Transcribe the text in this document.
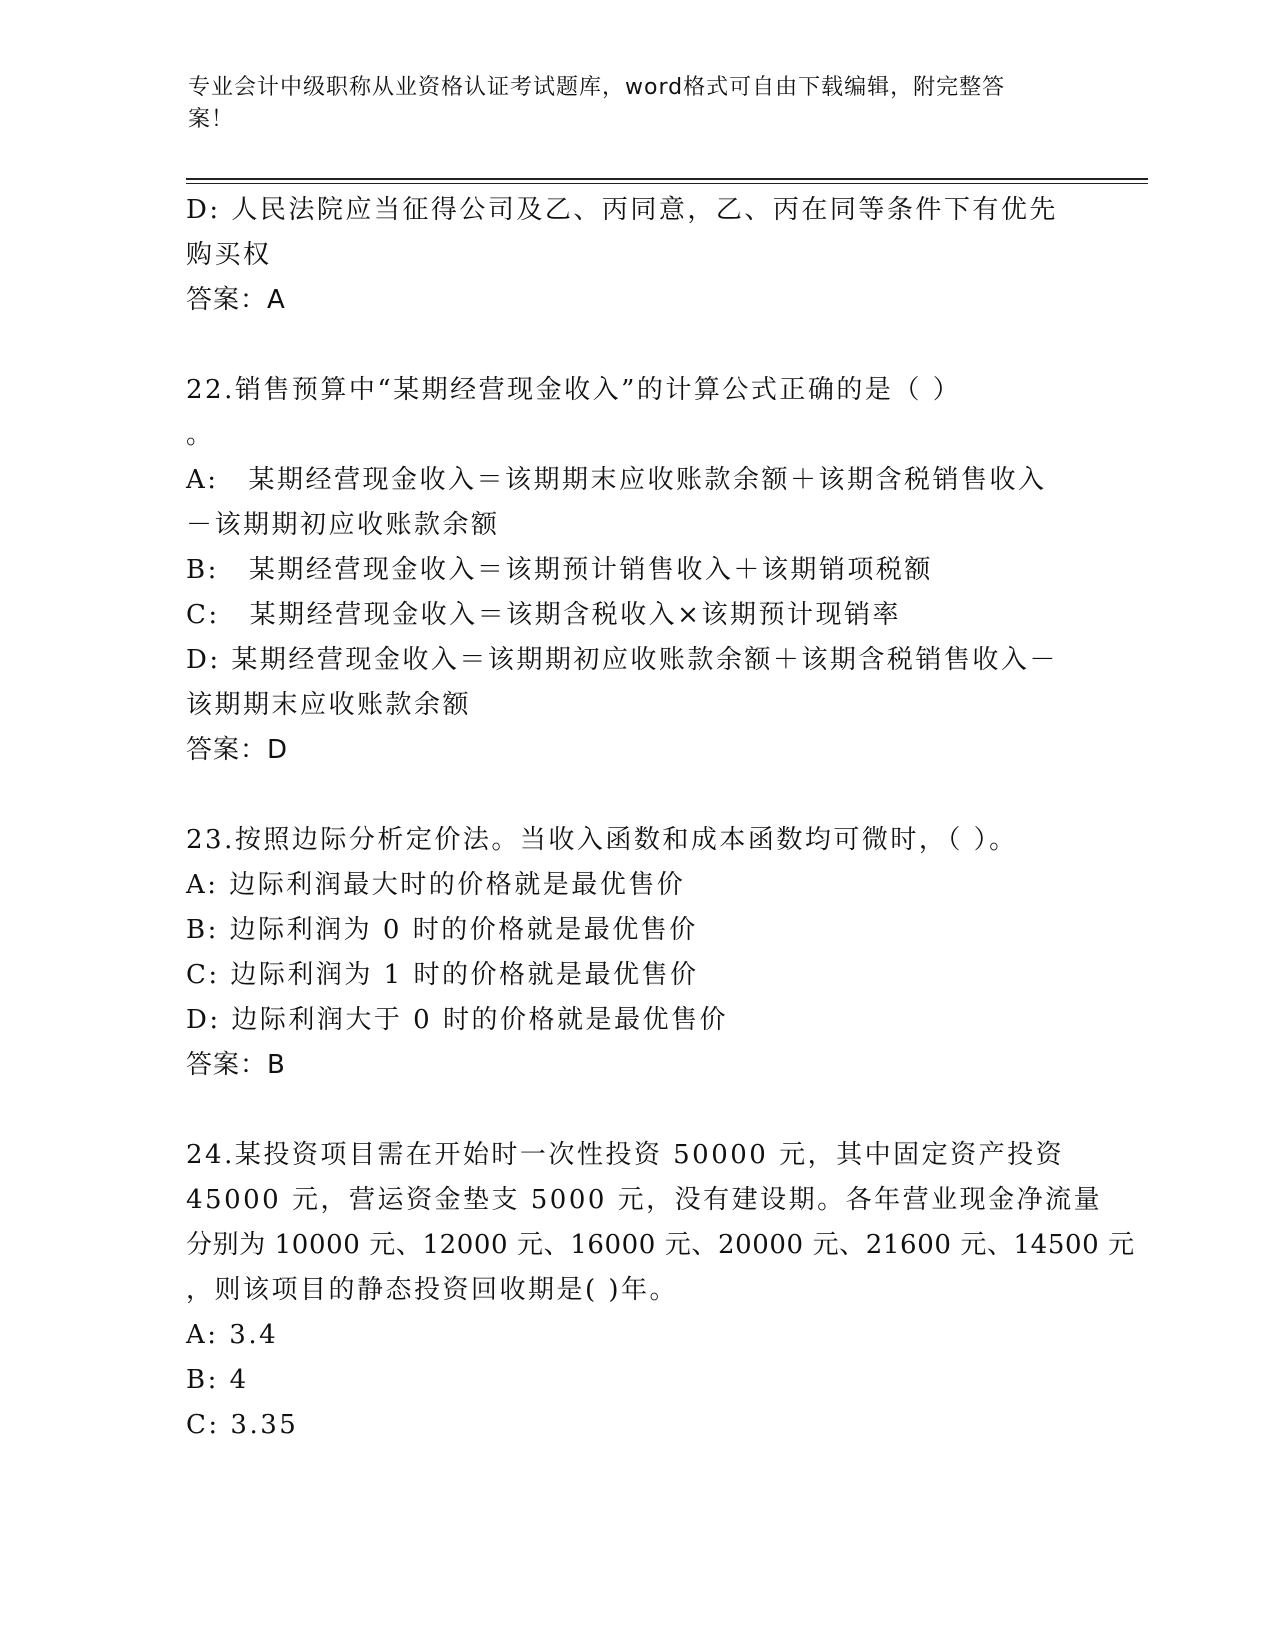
专业会计中级职称从业资格认证考试题库，word格式可自由下载编辑，附完整答
案！
D: 人民法院应当征得公司及乙、丙同意，乙、丙在同等条件下有优先
购买权
答案：A
22.销售预算中“某期经营现金收入”的计算公式正确的是（ ）
。
A: 某期经营现金收入＝该期期末应收账款余额＋该期含税销售收入
－该期期初应收账款余额
B: 某期经营现金收入＝该期预计销售收入＋该期销项税额
C: 某期经营现金收入＝该期含税收入×该期预计现销率
D: 某期经营现金收入＝该期期初应收账款余额＋该期含税销售收入－
该期期末应收账款余额
答案：D
23.按照边际分析定价法。当收入函数和成本函数均可微时，（ ）。
A: 边际利润最大时的价格就是最优售价
B: 边际利润为 0 时的价格就是最优售价
C: 边际利润为 1 时的价格就是最优售价
D: 边际利润大于 0 时的价格就是最优售价
答案：B
24.某投资项目需在开始时一次性投资 50000 元，其中固定资产投资
45000 元，营运资金垫支 5000 元，没有建设期。各年营业现金净流量
分别为 10000 元、12000 元、16000 元、20000 元、21600 元、14500 元
，则该项目的静态投资回收期是( )年。
A: 3.4
B: 4
C: 3.35
